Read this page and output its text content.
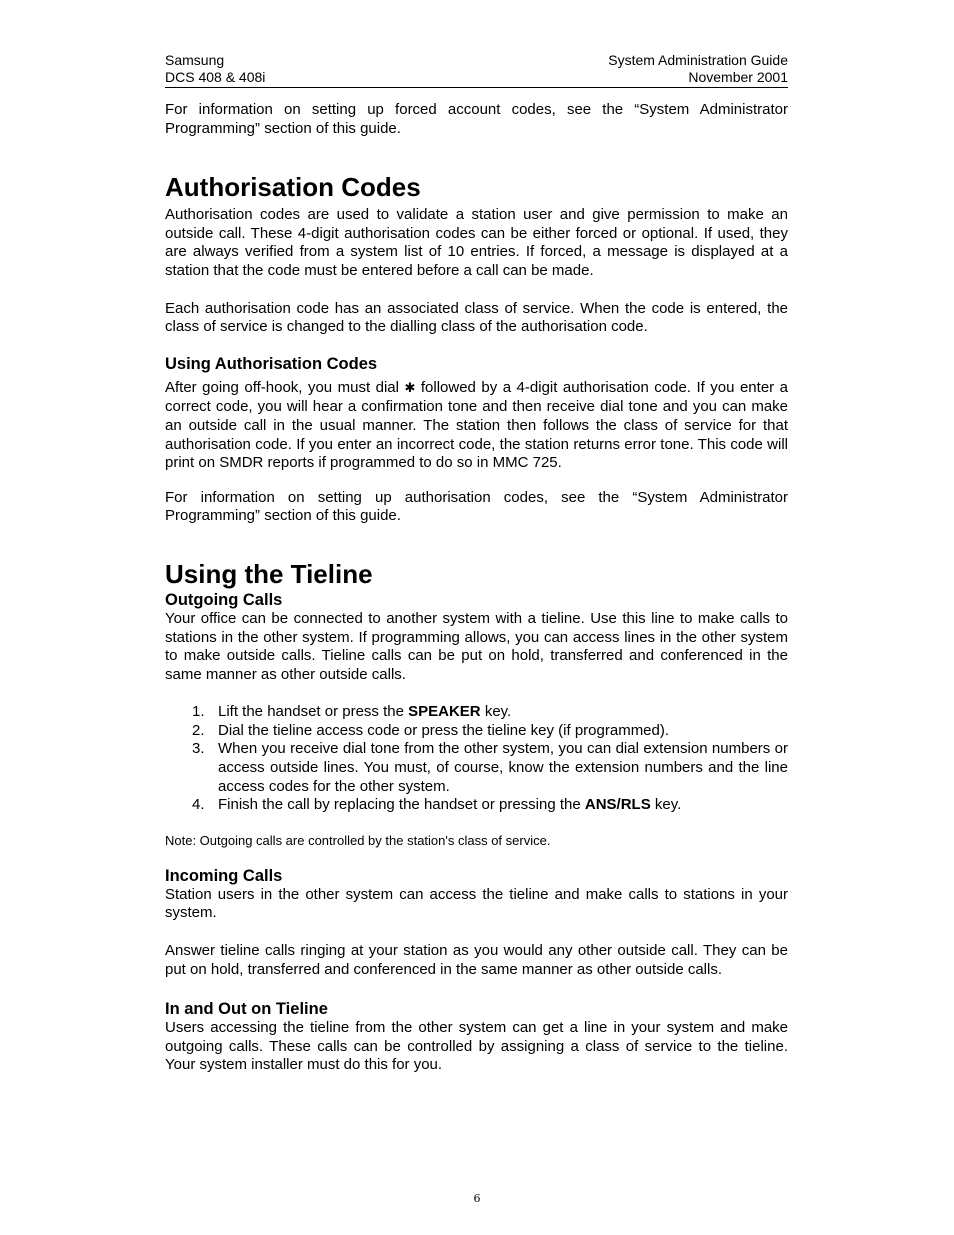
Samsung	System Administration Guide
DCS 408 & 408i	November 2001

For information on setting up forced account codes, see the “System Administrator Programming” section of this guide.

Authorisation Codes

Authorisation codes are used to validate a station user and give permission to make an outside call. These 4-digit authorisation codes can be either forced or optional. If used, they are always verified from a system list of 10 entries. If forced, a message is displayed at a station that the code must be entered before a call can be made.

Each authorisation code has an associated class of service. When the code is entered, the class of service is changed to the dialling class of the authorisation code.

Using Authorisation Codes

After going off-hook, you must dial ✱ followed by a 4-digit authorisation code. If you enter a correct code, you will hear a confirmation tone and then receive dial tone and you can make an outside call in the usual manner. The station then follows the class of service for that authorisation code. If you enter an incorrect code, the station returns error tone. This code will print on SMDR reports if programmed to do so in MMC 725.

For information on setting up authorisation codes, see the “System Administrator Programming” section of this guide.

Using the Tieline
Outgoing Calls

Your office can be connected to another system with a tieline. Use this line to make calls to stations in the other system. If programming allows, you can access lines in the other system to make outside calls. Tieline calls can be put on hold, transferred and conferenced in the same manner as other outside calls.

1. Lift the handset or press the SPEAKER key.
2. Dial the tieline access code or press the tieline key (if programmed).
3. When you receive dial tone from the other system, you can dial extension numbers or access outside lines. You must, of course, know the extension numbers and the line access codes for the other system.
4. Finish the call by replacing the handset or pressing the ANS/RLS key.

Note: Outgoing calls are controlled by the station's class of service.

Incoming Calls

Station users in the other system can access the tieline and make calls to stations in your system.

Answer tieline calls ringing at your station as you would any other outside call. They can be put on hold, transferred and conferenced in the same manner as other outside calls.

In and Out on Tieline

Users accessing the tieline from the other system can get a line in your system and make outgoing calls. These calls can be controlled by assigning a class of service to the tieline. Your system installer must do this for you.

6
